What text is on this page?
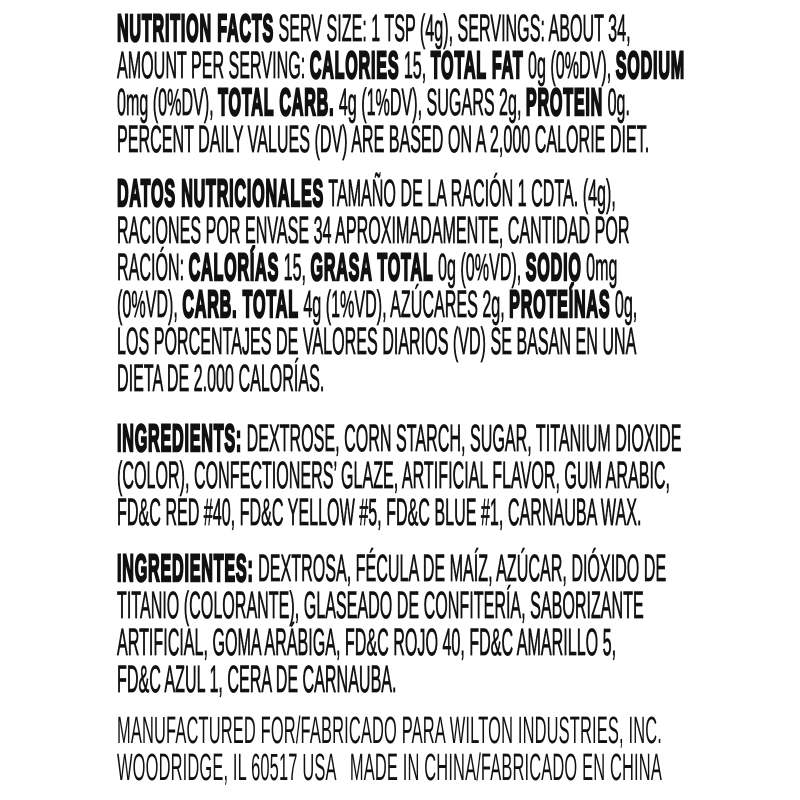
NUTRITION FACTS SERV SIZE: 1 TSP (4g), SERVINGS: ABOUT 34,
AMOUNT PER SERVING: CALORIES 15, TOTAL FAT 0g (0%DV), SODIUM
0mg (0%DV), TOTAL CARB. 4g (1%DV), SUGARS 2g, PROTEIN 0g.
PERCENT DAILY VALUES (DV) ARE BASED ON A 2,000 CALORIE DIET.
DATOS NUTRICIONALES TAMAÑO DE LA RACIÓN 1 CDTA. (4g),
RACIONES POR ENVASE 34 APROXIMADAMENTE, CANTIDAD POR
RACIÓN: CALORÍAS 15, GRASA TOTAL 0g (0%VD), SODIO 0mg
(0%VD), CARB. TOTAL 4g (1%VD), AZÚCARES 2g, PROTEÍNAS 0g,
LOS PORCENTAJES DE VALORES DIARIOS (VD) SE BASAN EN UNA
DIETA DE 2.000 CALORÍAS.
INGREDIENTS: DEXTROSE, CORN STARCH, SUGAR, TITANIUM DIOXIDE
(COLOR), CONFECTIONERS’ GLAZE, ARTIFICIAL FLAVOR, GUM ARABIC,
FD&C RED #40, FD&C YELLOW #5, FD&C BLUE #1, CARNAUBA WAX.
INGREDIENTES: DEXTROSA, FÉCULA DE MAÍZ, AZÚCAR, DIÓXIDO DE
TITANIO (COLORANTE), GLASEADO DE CONFITERÍA, SABORIZANTE
ARTIFICIAL, GOMA ARÁBIGA, FD&C ROJO 40, FD&C AMARILLO 5,
FD&C AZUL 1, CERA DE CARNAUBA.
MANUFACTURED FOR/FABRICADO PARA WILTON INDUSTRIES, INC.
WOODRIDGE, IL 60517 USA   MADE IN CHINA/FABRICADO EN CHINA
